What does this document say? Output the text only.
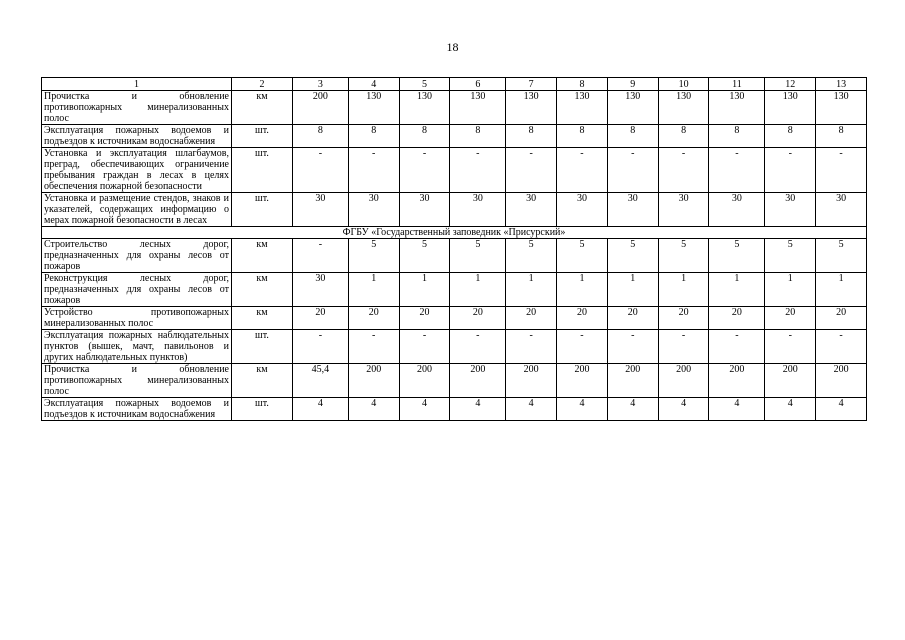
18
1	2	3	4	5	6	7	8	9	10	11	12	13
Прочистка и обновление противопожарных минерализованных полос	км	200	130	130	130	130	130	130	130	130	130	130
Эксплуатация пожарных водоемов и подъездов к источникам водоснабжения	шт.	8	8	8	8	8	8	8	8	8	8	8
Установка и эксплуатация шлагбаумов, преград, обеспечивающих ограничение пребывания граждан в лесах в целях обеспечения пожарной безопасности	шт.	-	-	-	-	-	-	-	-	-	-	-
Установка и размещение стендов, знаков и указателей, содержащих информацию о мерах пожарной безопасности в лесах	шт.	30	30	30	30	30	30	30	30	30	30	30
ФГБУ «Государственный заповедник «Присурский»												
Строительство лесных дорог, предназначенных для охраны лесов от пожаров	км	-	5	5	5	5	5	5	5	5	5	5
Реконструкция лесных дорог, предназначенных для охраны лесов от пожаров	км	30	1	1	1	1	1	1	1	1	1	1
Устройство противопожарных минерализованных полос	км	20	20	20	20	20	20	20	20	20	20	20
Эксплуатация пожарных наблюдательных пунктов (вышек, мачт, павильонов и других наблюдательных пунктов)	шт.	-	-	-	-	-	-	-	-	-	-	-
Прочистка и обновление противопожарных минерализованных полос	км	45,4	200	200	200	200	200	200	200	200	200	200
Эксплуатация пожарных водоемов и подъездов к источникам водоснабжения	шт.	4	4	4	4	4	4	4	4	4	4	4
